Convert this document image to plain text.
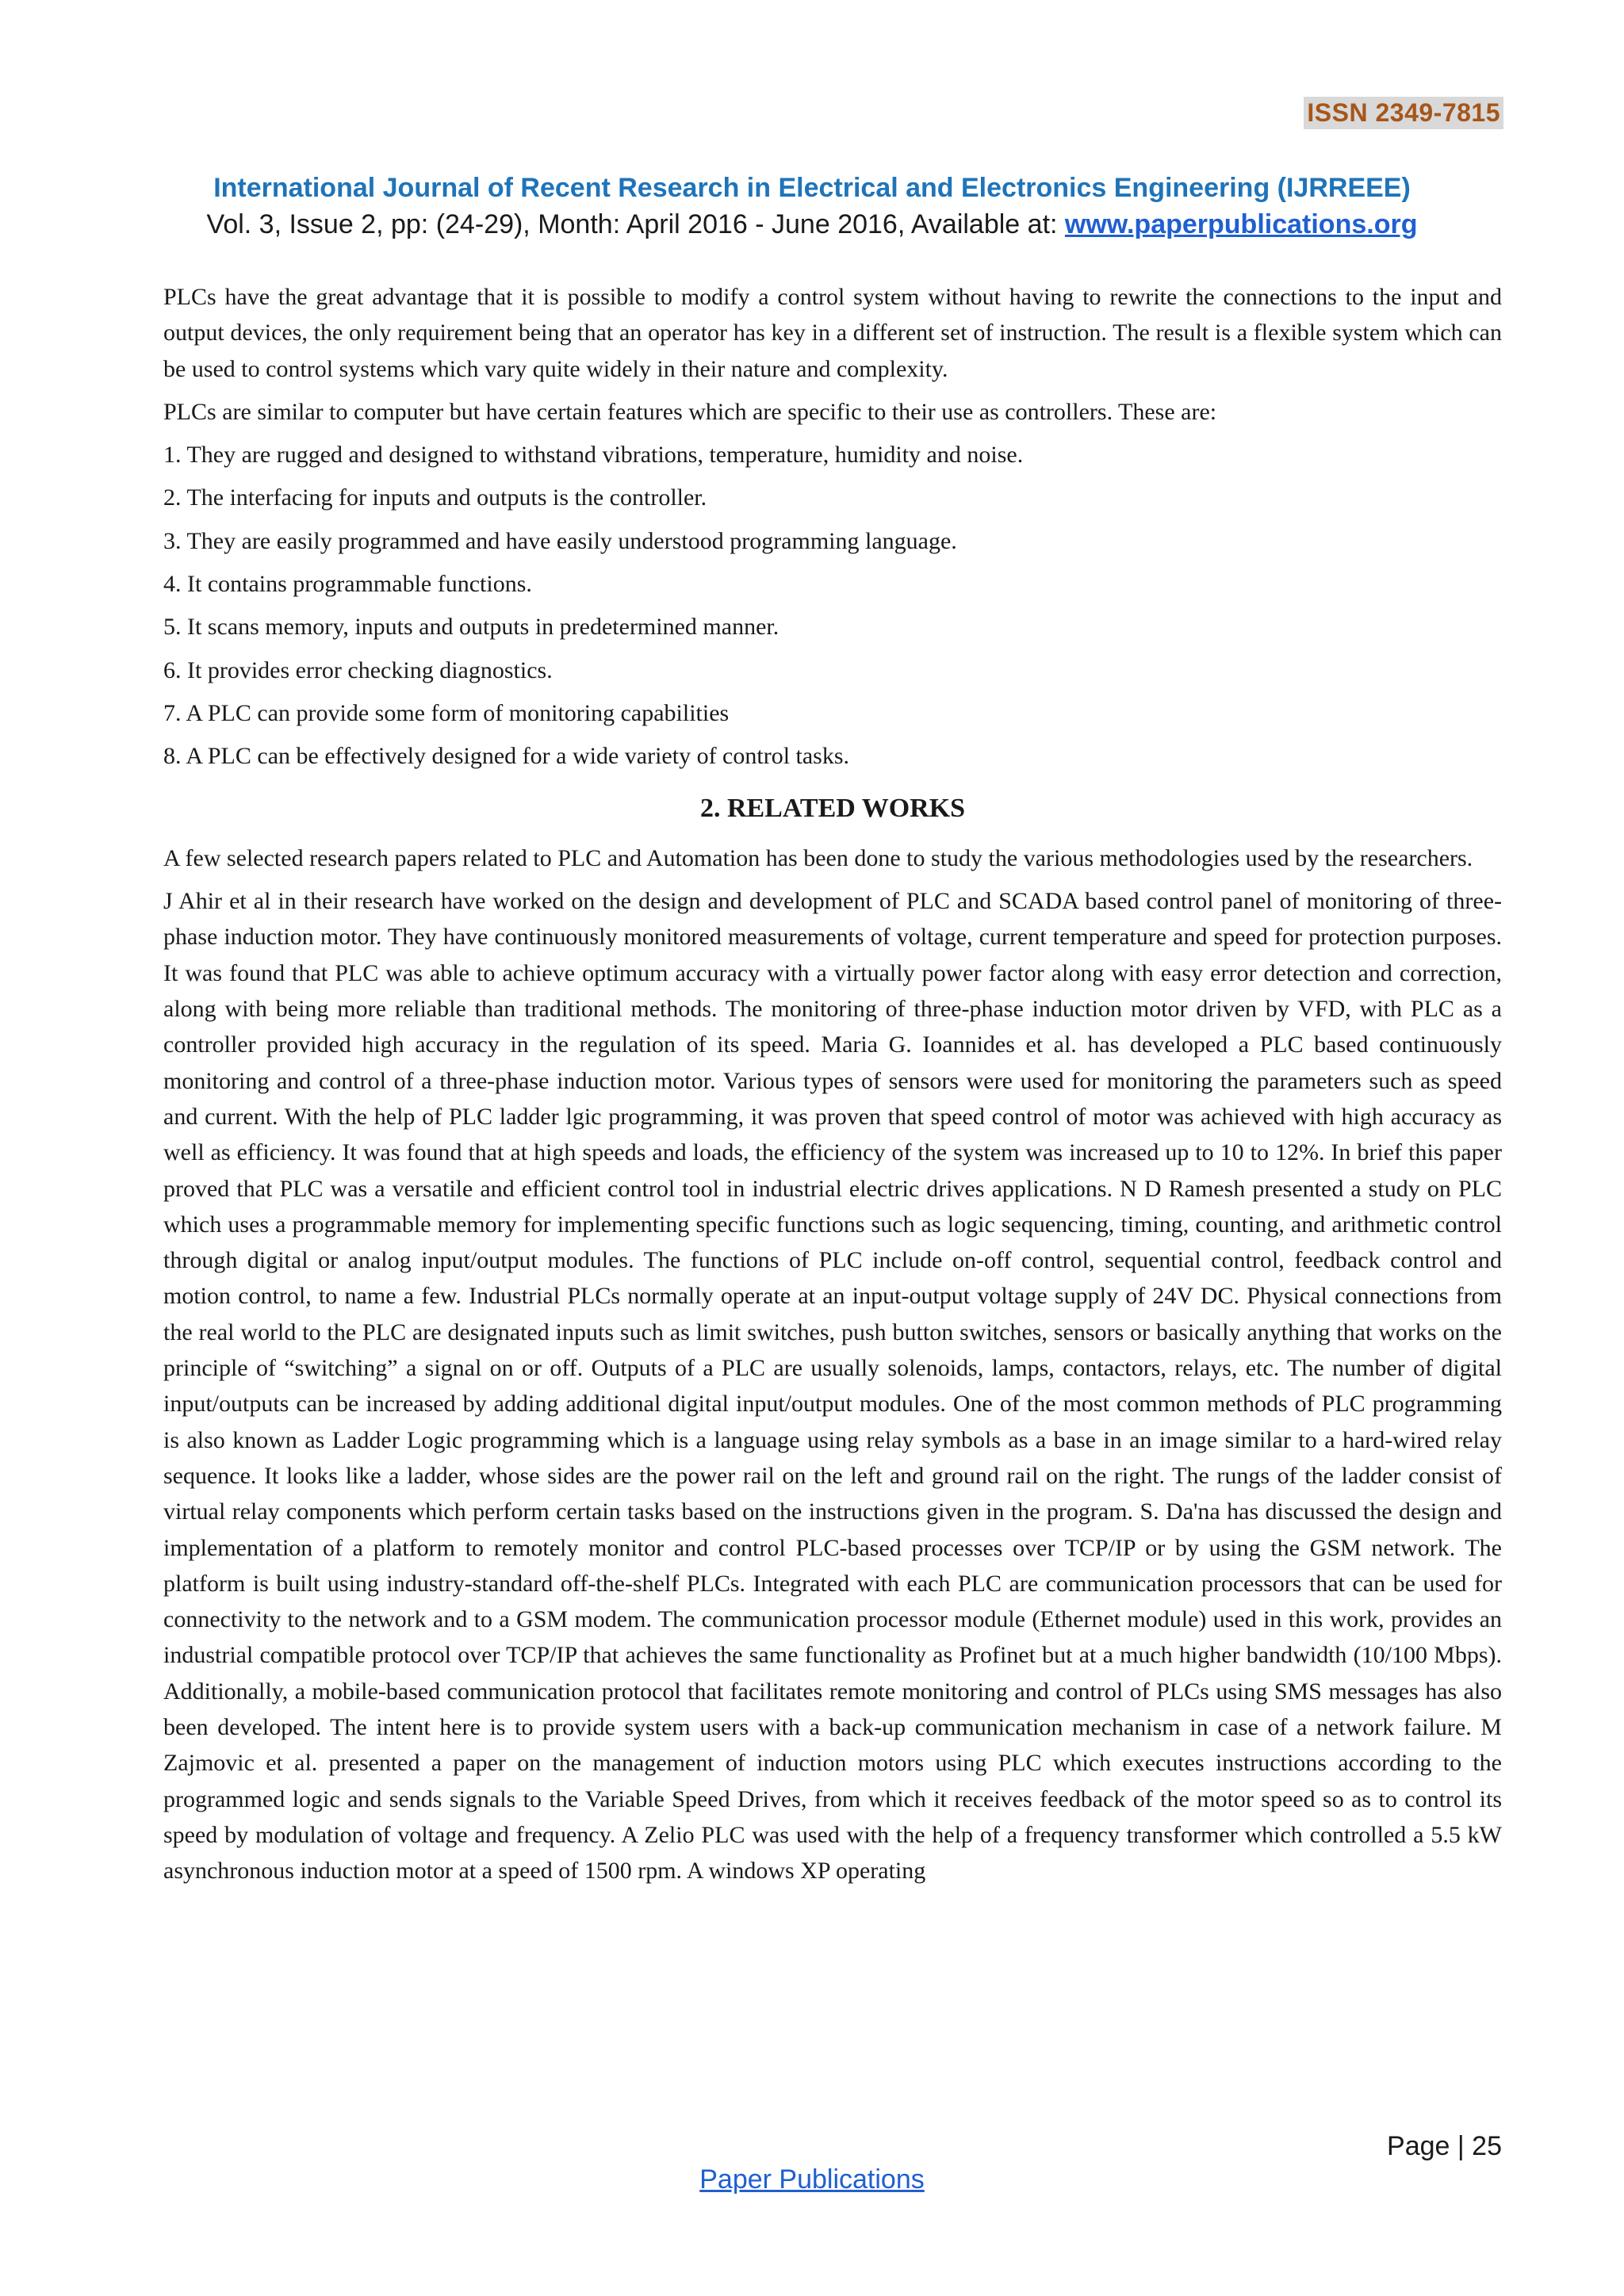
ISSN 2349-7815
International Journal of Recent Research in Electrical and Electronics Engineering (IJRREEE)
Vol. 3, Issue 2, pp: (24-29), Month: April 2016 - June 2016, Available at: www.paperpublications.org

PLCs have the great advantage that it is possible to modify a control system without having to rewrite the connections to the input and output devices, the only requirement being that an operator has key in a different set of instruction. The result is a flexible system which can be used to control systems which vary quite widely in their nature and complexity.

PLCs are similar to computer but have certain features which are specific to their use as controllers. These are:

1. They are rugged and designed to withstand vibrations, temperature, humidity and noise.
2. The interfacing for inputs and outputs is the controller.
3. They are easily programmed and have easily understood programming language.
4. It contains programmable functions.
5. It scans memory, inputs and outputs in predetermined manner.
6. It provides error checking diagnostics.
7. A PLC can provide some form of monitoring capabilities
8. A PLC can be effectively designed for a wide variety of control tasks.
2. RELATED WORKS

A few selected research papers related to PLC and Automation has been done to study the various methodologies used by the researchers.

J Ahir et al in their research have worked on the design and development of PLC and SCADA based control panel of monitoring of three-phase induction motor. They have continuously monitored measurements of voltage, current temperature and speed for protection purposes. It was found that PLC was able to achieve optimum accuracy with a virtually power factor along with easy error detection and correction, along with being more reliable than traditional methods. The monitoring of three-phase induction motor driven by VFD, with PLC as a controller provided high accuracy in the regulation of its speed. Maria G. Ioannides et al. has developed a PLC based continuously monitoring and control of a three-phase induction motor. Various types of sensors were used for monitoring the parameters such as speed and current. With the help of PLC ladder lgic programming, it was proven that speed control of motor was achieved with high accuracy as well as efficiency. It was found that at high speeds and loads, the efficiency of the system was increased up to 10 to 12%. In brief this paper proved that PLC was a versatile and efficient control tool in industrial electric drives applications. N D Ramesh presented a study on PLC which uses a programmable memory for implementing specific functions such as logic sequencing, timing, counting, and arithmetic control through digital or analog input/output modules. The functions of PLC include on-off control, sequential control, feedback control and motion control, to name a few. Industrial PLCs normally operate at an input-output voltage supply of 24V DC. Physical connections from the real world to the PLC are designated inputs such as limit switches, push button switches, sensors or basically anything that works on the principle of “switching” a signal on or off. Outputs of a PLC are usually solenoids, lamps, contactors, relays, etc. The number of digital input/outputs can be increased by adding additional digital input/output modules. One of the most common methods of PLC programming is also known as Ladder Logic programming which is a language using relay symbols as a base in an image similar to a hard-wired relay sequence. It looks like a ladder, whose sides are the power rail on the left and ground rail on the right. The rungs of the ladder consist of virtual relay components which perform certain tasks based on the instructions given in the program. S. Da'na has discussed the design and implementation of a platform to remotely monitor and control PLC-based processes over TCP/IP or by using the GSM network. The platform is built using industry-standard off-the-shelf PLCs. Integrated with each PLC are communication processors that can be used for connectivity to the network and to a GSM modem. The communication processor module (Ethernet module) used in this work, provides an industrial compatible protocol over TCP/IP that achieves the same functionality as Profinet but at a much higher bandwidth (10/100 Mbps). Additionally, a mobile-based communication protocol that facilitates remote monitoring and control of PLCs using SMS messages has also been developed. The intent here is to provide system users with a back-up communication mechanism in case of a network failure. M Zajmovic et al. presented a paper on the management of induction motors using PLC which executes instructions according to the programmed logic and sends signals to the Variable Speed Drives, from which it receives feedback of the motor speed so as to control its speed by modulation of voltage and frequency. A Zelio PLC was used with the help of a frequency transformer which controlled a 5.5 kW asynchronous induction motor at a speed of 1500 rpm. A windows XP operating

Page | 25
Paper Publications
